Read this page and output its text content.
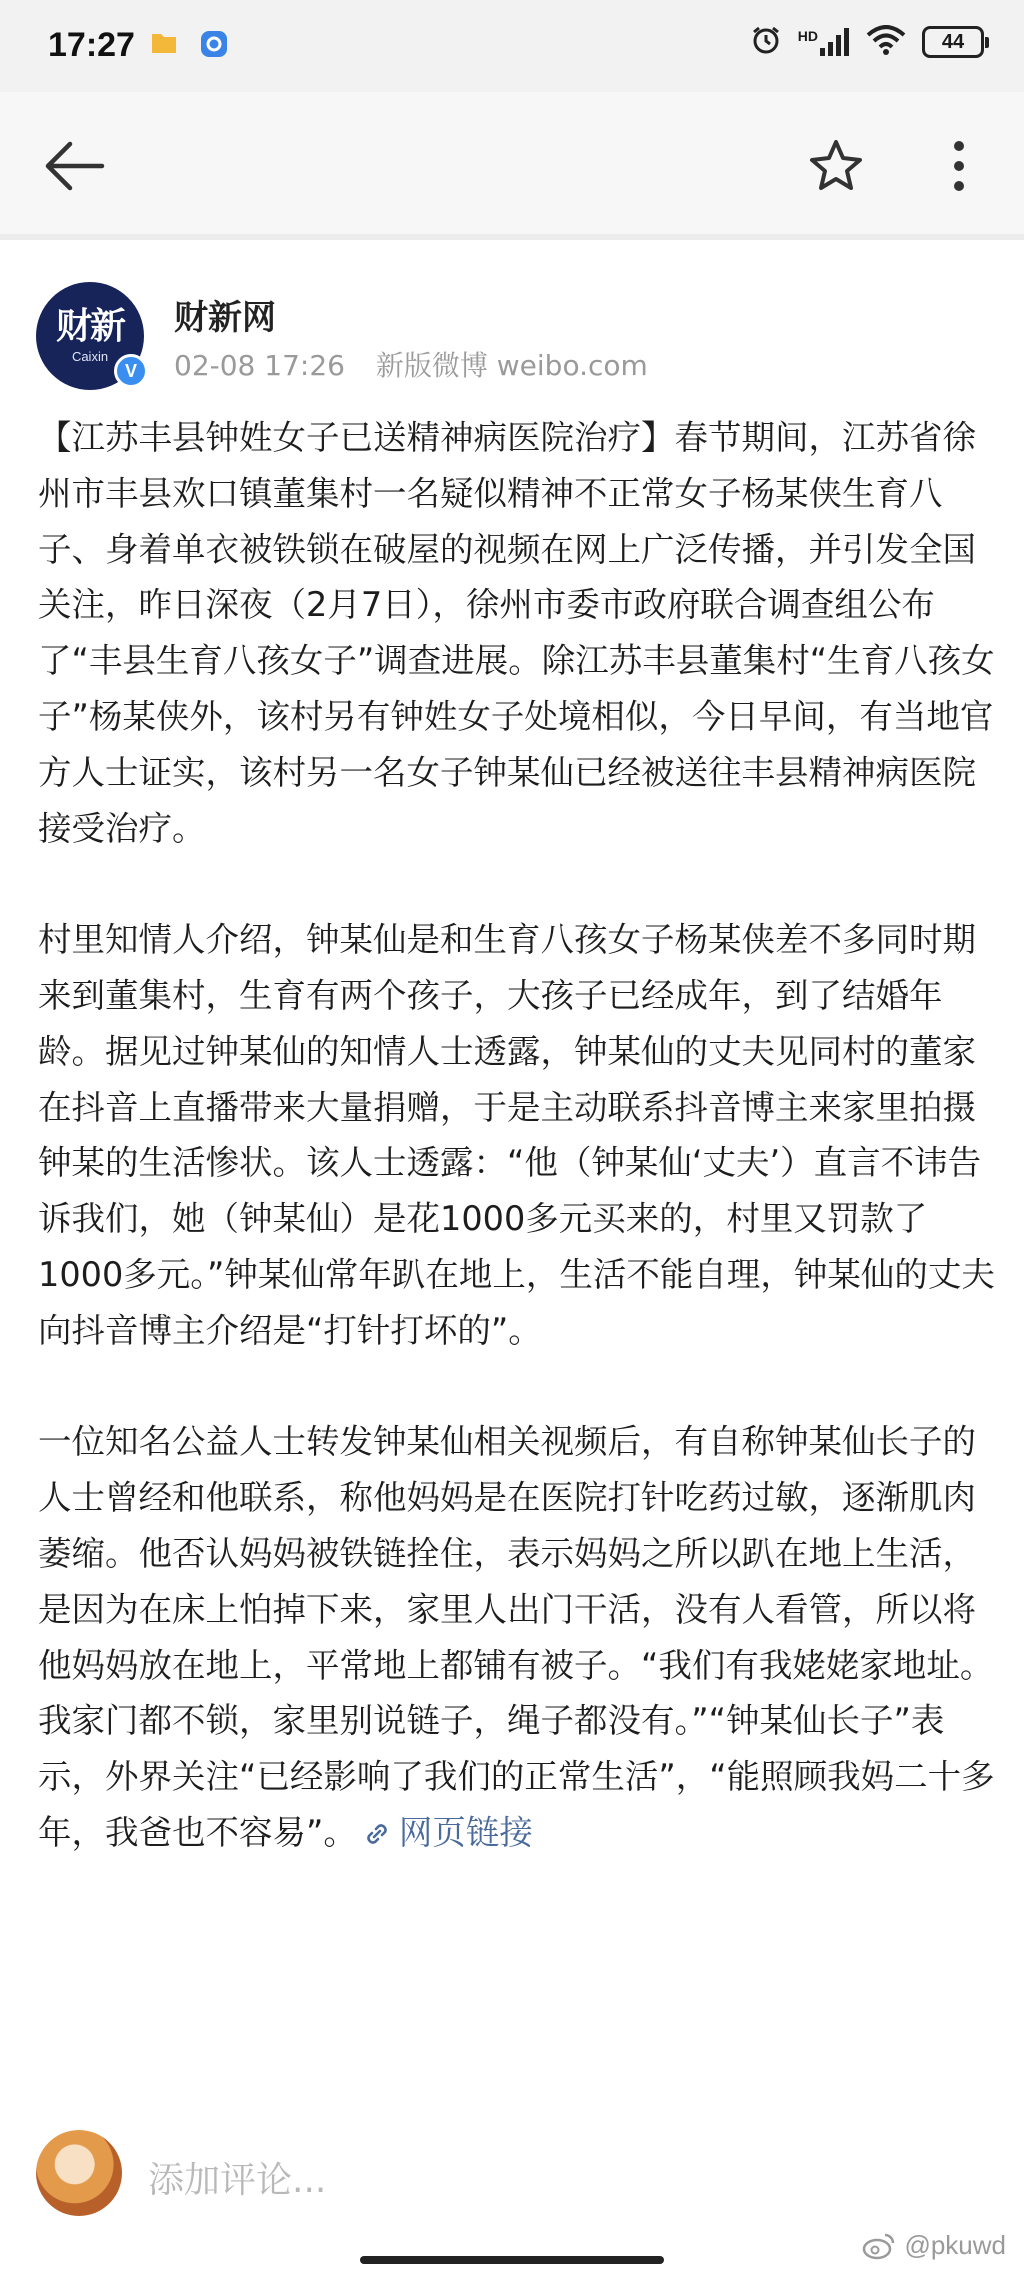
17:27	HD	44
财新
Caixin
V
财新网
02-08 17:26 新版微博 weibo.com

【江苏丰县钟姓女子已送精神病医院治疗】春节期间，江苏省徐州市丰县欢口镇董集村一名疑似精神不正常女子杨某侠生育八子、身着单衣被铁锁在破屋的视频在网上广泛传播，并引发全国关注，昨日深夜（2月7日），徐州市委市政府联合调查组公布了“丰县生育八孩女子”调查进展。除江苏丰县董集村“生育八孩女子”杨某侠外，该村另有钟姓女子处境相似，今日早间，有当地官方人士证实，该村另一名女子钟某仙已经被送往丰县精神病医院接受治疗。

村里知情人介绍，钟某仙是和生育八孩女子杨某侠差不多同时期来到董集村，生育有两个孩子，大孩子已经成年，到了结婚年龄。据见过钟某仙的知情人士透露，钟某仙的丈夫见同村的董家在抖音上直播带来大量捐赠，于是主动联系抖音博主来家里拍摄钟某的生活惨状。该人士透露：“他（钟某仙‘丈夫’）直言不讳告诉我们，她（钟某仙）是花1000多元买来的，村里又罚款了1000多元。”钟某仙常年趴在地上，生活不能自理，钟某仙的丈夫向抖音博主介绍是“打针打坏的”。

一位知名公益人士转发钟某仙相关视频后，有自称钟某仙长子的人士曾经和他联系，称他妈妈是在医院打针吃药过敏，逐渐肌肉萎缩。他否认妈妈被铁链拴住，表示妈妈之所以趴在地上生活，是因为在床上怕掉下来，家里人出门干活，没有人看管，所以将他妈妈放在地上，平常地上都铺有被子。“我们有我姥姥家地址。我家门都不锁，家里别说链子，绳子都没有。”“钟某仙长子”表示，外界关注“已经影响了我们的正常生活”，“能照顾我妈二十多年，我爸也不容易”。 网页链接

添加评论...
@pkuwd
